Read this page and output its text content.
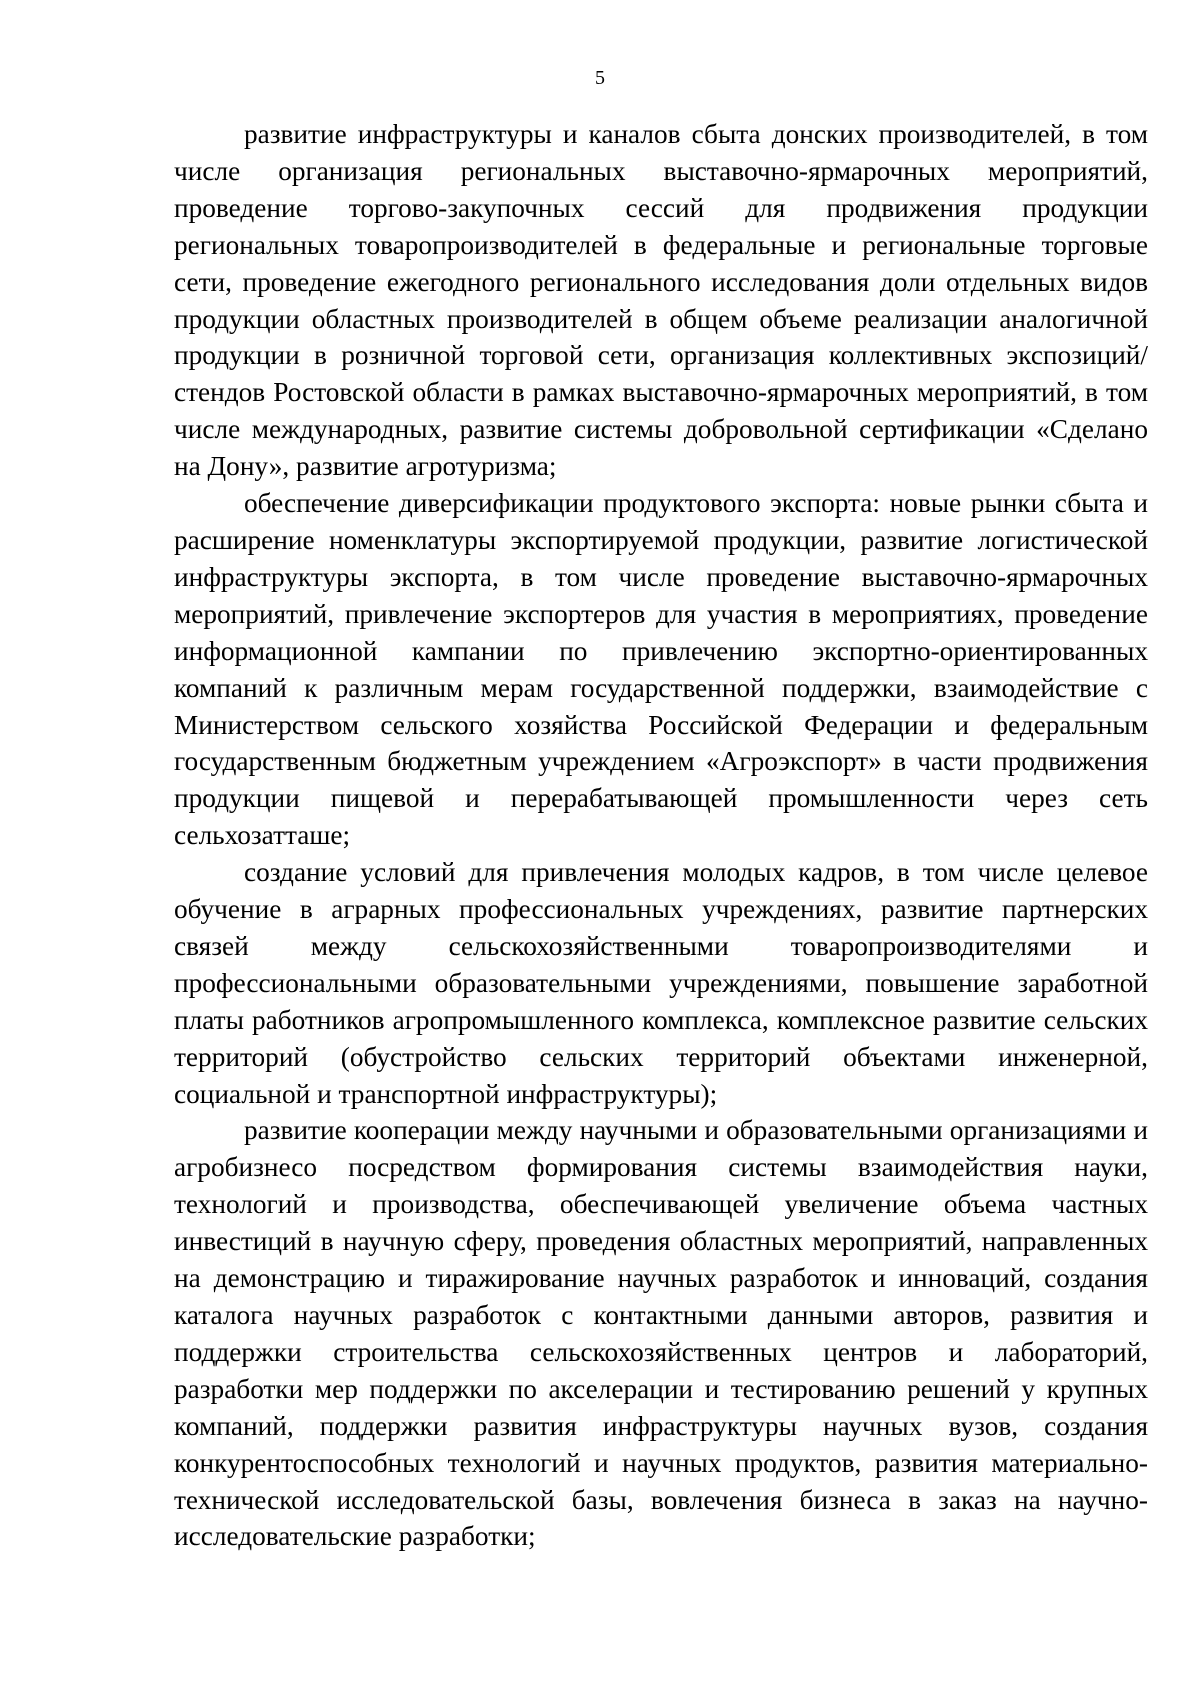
5

развитие инфраструктуры и каналов сбыта донских производителей, в том числе организация региональных выставочно-ярмарочных мероприятий, проведение торгово-закупочных сессий для продвижения продукции региональных товаропроизводителей в федеральные и региональные торговые сети, проведение ежегодного регионального исследования доли отдельных видов продукции областных производителей в общем объеме реализации аналогичной продукции в розничной торговой сети, организация коллективных экспозиций/стендов Ростовской области в рамках выставочно-ярмарочных мероприятий, в том числе международных, развитие системы добровольной сертификации «Сделано на Дону», развитие агротуризма;

обеспечение диверсификации продуктового экспорта: новые рынки сбыта и расширение номенклатуры экспортируемой продукции, развитие логистической инфраструктуры экспорта, в том числе проведение выставочно-ярмарочных мероприятий, привлечение экспортеров для участия в мероприятиях, проведение информационной кампании по привлечению экспортно-ориентированных компаний к различным мерам государственной поддержки, взаимодействие с Министерством сельского хозяйства Российской Федерации и федеральным государственным бюджетным учреждением «Агроэкспорт» в части продвижения продукции пищевой и перерабатывающей промышленности через сеть сельхозатташе;

создание условий для привлечения молодых кадров, в том числе целевое обучение в аграрных профессиональных учреждениях, развитие партнерских связей между сельскохозяйственными товаропроизводителями и профессиональными образовательными учреждениями, повышение заработной платы работников агропромышленного комплекса, комплексное развитие сельских территорий (обустройство сельских территорий объектами инженерной, социальной и транспортной инфраструктуры);

развитие кооперации между научными и образовательными организациями и агробизнесо посредством формирования системы взаимодействия науки, технологий и производства, обеспечивающей увеличение объема частных инвестиций в научную сферу, проведения областных мероприятий, направленных на демонстрацию и тиражирование научных разработок и инноваций, создания каталога научных разработок с контактными данными авторов, развития и поддержки строительства сельскохозяйственных центров и лабораторий, разработки мер поддержки по акселерации и тестированию решений у крупных компаний, поддержки развития инфраструктуры научных вузов, создания конкурентоспособных технологий и научных продуктов, развития материально-технической исследовательской базы, вовлечения бизнеса в заказ на научно-исследовательские разработки;
